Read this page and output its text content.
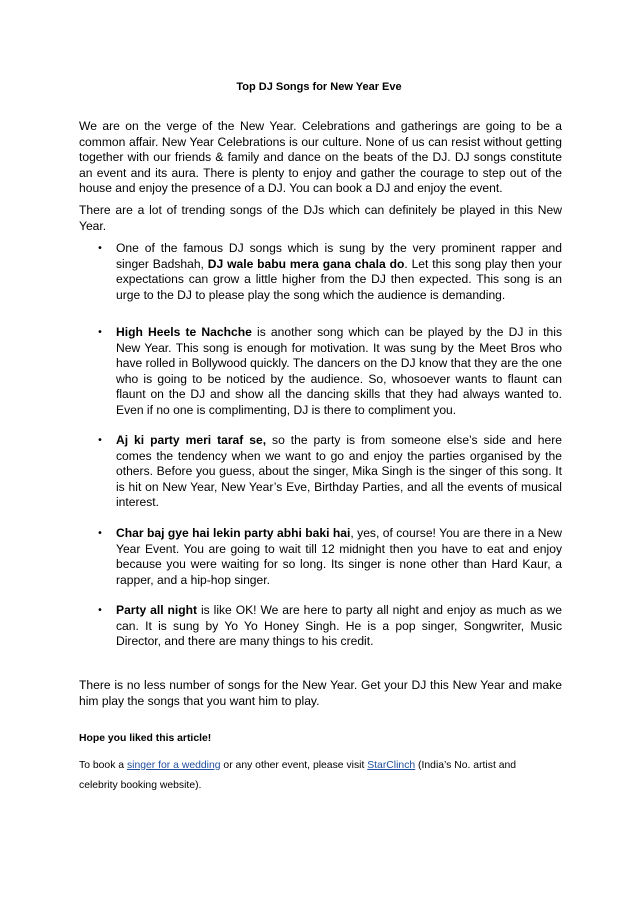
Top DJ Songs for New Year Eve

We are on the verge of the New Year. Celebrations and gatherings are going to be a common affair. New Year Celebrations is our culture. None of us can resist without getting together with our friends & family and dance on the beats of the DJ. DJ songs constitute an event and its aura. There is plenty to enjoy and gather the courage to step out of the house and enjoy the presence of a DJ. You can book a DJ and enjoy the event.

There are a lot of trending songs of the DJs which can definitely be played in this New Year.

• One of the famous DJ songs which is sung by the very prominent rapper and singer Badshah, DJ wale babu mera gana chala do. Let this song play then your expectations can grow a little higher from the DJ then expected. This song is an urge to the DJ to please play the song which the audience is demanding.

• High Heels te Nachche is another song which can be played by the DJ in this New Year. This song is enough for motivation. It was sung by the Meet Bros who have rolled in Bollywood quickly. The dancers on the DJ know that they are the one who is going to be noticed by the audience. So, whosoever wants to flaunt can flaunt on the DJ and show all the dancing skills that they had always wanted to. Even if no one is complimenting, DJ is there to compliment you.

• Aj ki party meri taraf se, so the party is from someone else’s side and here comes the tendency when we want to go and enjoy the parties organised by the others. Before you guess, about the singer, Mika Singh is the singer of this song. It is hit on New Year, New Year’s Eve, Birthday Parties, and all the events of musical interest.

• Char baj gye hai lekin party abhi baki hai, yes, of course! You are there in a New Year Event. You are going to wait till 12 midnight then you have to eat and enjoy because you were waiting for so long. Its singer is none other than Hard Kaur, a rapper, and a hip-hop singer.

• Party all night is like OK! We are here to party all night and enjoy as much as we can. It is sung by Yo Yo Honey Singh. He is a pop singer, Songwriter, Music Director, and there are many things to his credit.

There is no less number of songs for the New Year. Get your DJ this New Year and make him play the songs that you want him to play.

Hope you liked this article!

To book a singer for a wedding or any other event, please visit StarClinch (India’s No. artist and celebrity booking website).
